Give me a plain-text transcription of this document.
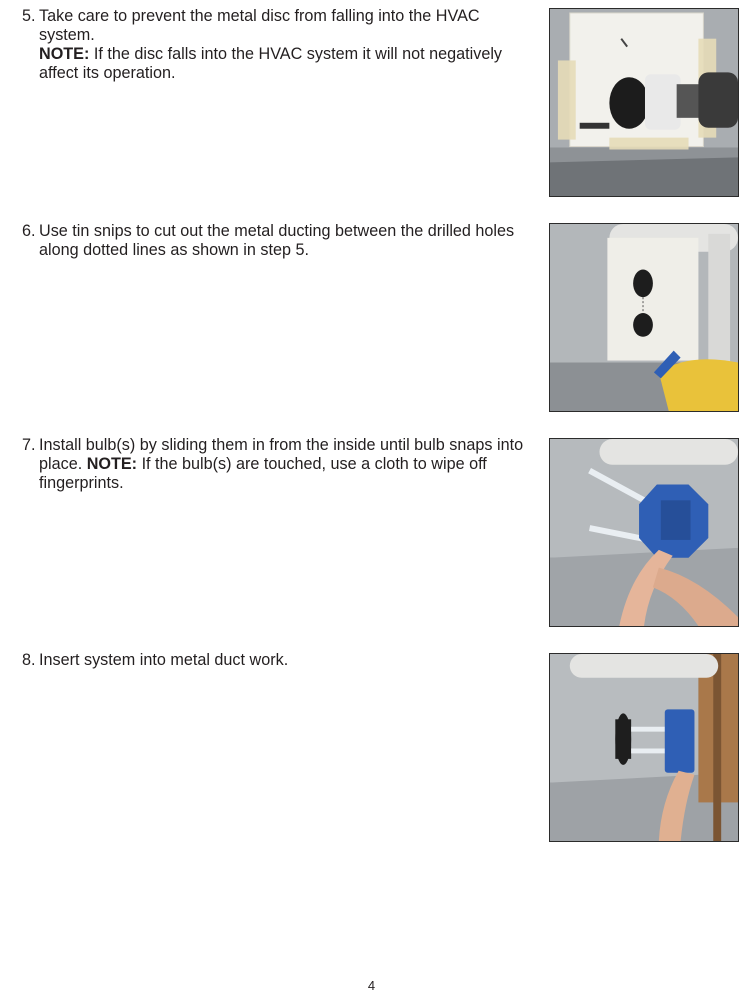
5. Take care to prevent the metal disc from falling into the HVAC system.
NOTE: If the disc falls into the HVAC system it will not negatively affect its operation.
6. Use tin snips to cut out the metal ducting between the drilled holes along dotted lines as shown in step 5.
7. Install bulb(s) by sliding them in from the inside until bulb snaps into place. NOTE: If the bulb(s) are touched, use a cloth to wipe off fingerprints.
8. Insert system into metal duct work.
4
